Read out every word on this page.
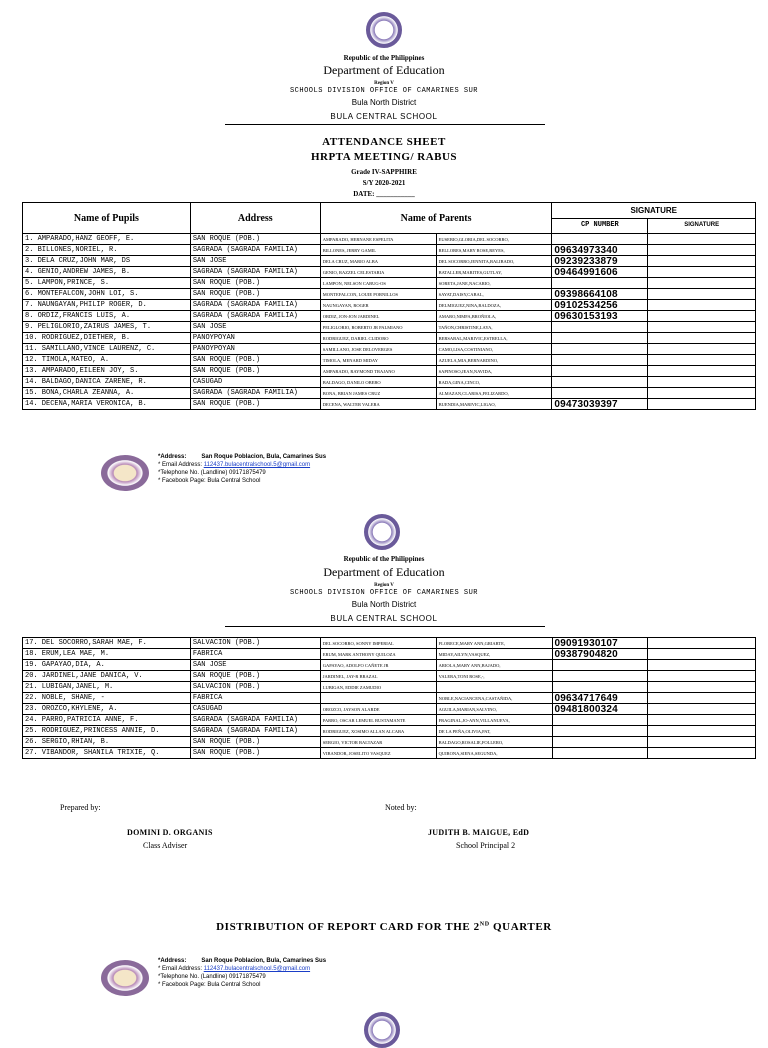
Republic of the Philippines
Department of Education
Region V
SCHOOLS DIVISION OFFICE OF CAMARINES SUR
Bula North District
BULA CENTRAL SCHOOL
ATTENDANCE SHEET
HRPTA MEETING/ RABUS
Grade IV-SAPPHIRE
S/Y 2020-2021
DATE: ___________
Name of Pupils	Address	Name of Parents		SIGNATURE	
				CP NUMBER	SIGNATURE
1. AMPARADO,HANZ GEOFF, E.	SAN ROQUE (POB.)	AMPARADO, HERNANE ESPELITA	EUSEBIO,GLORIA,DEL SOCORRO,		
2. BILLONES,NORIEL, R.	SAGRADA (SAGRADA FAMILIA)	BILLONES, JERRY GAMIL	RELLORES,MARY ROSE,REYES,	09634973340	
3. DELA CRUZ,JOHN MAR, DS	SAN JOSE	DELA CRUZ, MARIO ALBA	DEL SOCORRO,JENNITA,BALIBADO,	09239233879	
4. GENIO,ANDREW JAMES, B.	SAGRADA (SAGRADA FAMILIA)	GENIO, RAZZEL CELESTARIA	BATALLER,MARITES,GUTLAY,	09464991606	
5. LAMPON,PRINCE, S.	SAN ROQUE (POB.)	LAMPON, NELSON CABUG-OS	SORETA,JANE,NACARIO,		
6. MONTEFALCON,JOHN LOI, S.	SAN ROQUE (POB.)	MONTEFALCON, LOUIE PORNILLOS	SAYAT,DAISY,CABAL,	09398664108	
7. NAUNGAYAN,PHILIP ROGER, D.	SAGRADA (SAGRADA FAMILIA)	NAUNGAYAN, ROGER	DELMIGUEZ,NINA,BALDOZA,	09102534256	
8. ORDIZ,FRANCIS LUIS, A.	SAGRADA (SAGRADA FAMILIA)	ORDIZ, JON-JON JARDINEL	AMARO,NIMFA,BROÑIOLA,	09630153193	
9. PELIGLORIO,ZAIRUS JAMES, T.	SAN JOSE	PELIGLORIO, ROBERTO JR PALMIANO	TAÑON,CHRISTINE,LAYA,		
10. RODRIGUEZ,DIETHER, B.	PANOYPOYAN	RODRIGUEZ, DARIEL CLIDORO	BERSABAL,MARIVIC,ESTRELLA,		
11. SAMILLANO,VINCE LAURENZ, C.	PANOYPOYAN	SAMILLANO, JOSE DELOVERGES	CAMO,LISA,COSTINIANO,		
12. TIMOLA,MATEO, A.	SAN ROQUE (POB.)	TIMOLA, MENARD MIDAY	AZUELA,MIA,BERNARDINO,		
13. AMPARADO,EILEEN JOY, S.	SAN ROQUE (POB.)	AMPARADO, RAYMOND TRAJANO	SAPINOSO,JEAN,NAVIDA,		
14. BALDAGO,DANICA ZARENE, R.	CASUGAD	BALDAGO, DANILO OBEBO	RADA,GINA,CINCO,		
15. BONA,CHARLA ZEANNA, A.	SAGRADA (SAGRADA FAMILIA)	BONA, BRIAN JAMES CRUZ	ALMAZAN,CLARISA,FELIZARDO,		
14. DECENA,MARIA VERONICA, B.	SAN ROQUE (POB.)	DECENA, WALTER VALERA	BUENDIA,MARIVIC,LIGAO,	09473039397	
*Address:	San Roque Poblacion, Bula, Camarines Sus
* Email Address: 112437.bulacentralschool.5@gmail.com
*Telephone No. (Landline) 09171875479
* Facebook Page: Bula Central School
Republic of the Philippines
Department of Education
Region V
SCHOOLS DIVISION OFFICE OF CAMARINES SUR
Bula North District
BULA CENTRAL SCHOOL
17. DEL SOCORRO,SARAH MAE, F.	SALVACION (POB.)	DEL SOCORRO, SONNY IMPERIAL	FLORECE,MARY ANN,GRIARTE,	09091930107	
18. ERUM,LEA MAE, M.	FABRICA	ERUM, MARK ANTHONY QUILOZA	MIDAY,AILYN,VASQUEZ,	09387904820	
19. GAPAYAO,DIA, A.	SAN JOSE	GAPAYAO, ADOLFO CAÑETE JR	ARIOLA,MARY ANN,BAJADO,		
20. JARDINEL,JANE DANICA, V.	SAN ROQUE (POB.)	JARDINEL, JAY-R BRAZAL	VALERA,TONI ROSE,-,		
21. LUBIGAN,JANEL, M.	SALVACION (POB.)	LUBIGAN, EDDIE ZAMUDIO			
22. NOBLE, SHANE, -	FABRICA		NOBLE,NACIANCENA,CASTAÑIDA,	09634717649	
23. OROZCO,KHYLENE, A.	CASUGAD	OROZCO, JAYSON ALARDE	AGUILA,MARIAN,SALVINO,	09481800324	
24. PARRO,PATRICIA ANNE, F.	SAGRADA (SAGRADA FAMILIA)	PARRO, OSCAR LEMUEL BUSTAMANTE	FRAGINAL,JO-ANN,VILLANUEVA,		
25. RODRIGUEZ,PRINCESS ANNIE, D.	SAGRADA (SAGRADA FAMILIA)	RODRIGUEZ, XOSIMO ALLAN ALCABA	DE LA PEÑA,OLIVIA,PAT,		
26. SERGIO,RHIAN, B.	SAN ROQUE (POB.)	SERGIO, VICTOR BALTAZAR	BALDAGO,ROSALIE,FOLLERO,		
27. VIBANDOR, SHANILA TRIXIE, Q.	SAN ROQUE (POB.)	VIBANDOR, JOSELITO VASQUEZ	QUIRONA,SIENA,SEGUNDA,		
Prepared by:	Noted by:
DOMINI D. ORGANIS
Class Adviser
JUDITH B. MAIGUE, EdD
School Principal 2
DISTRIBUTION OF REPORT CARD FOR THE 2ND QUARTER
*Address:	San Roque Poblacion, Bula, Camarines Sus
* Email Address: 112437.bulacentralschool.5@gmail.com
*Telephone No. (Landline) 09171875479
* Facebook Page: Bula Central School
